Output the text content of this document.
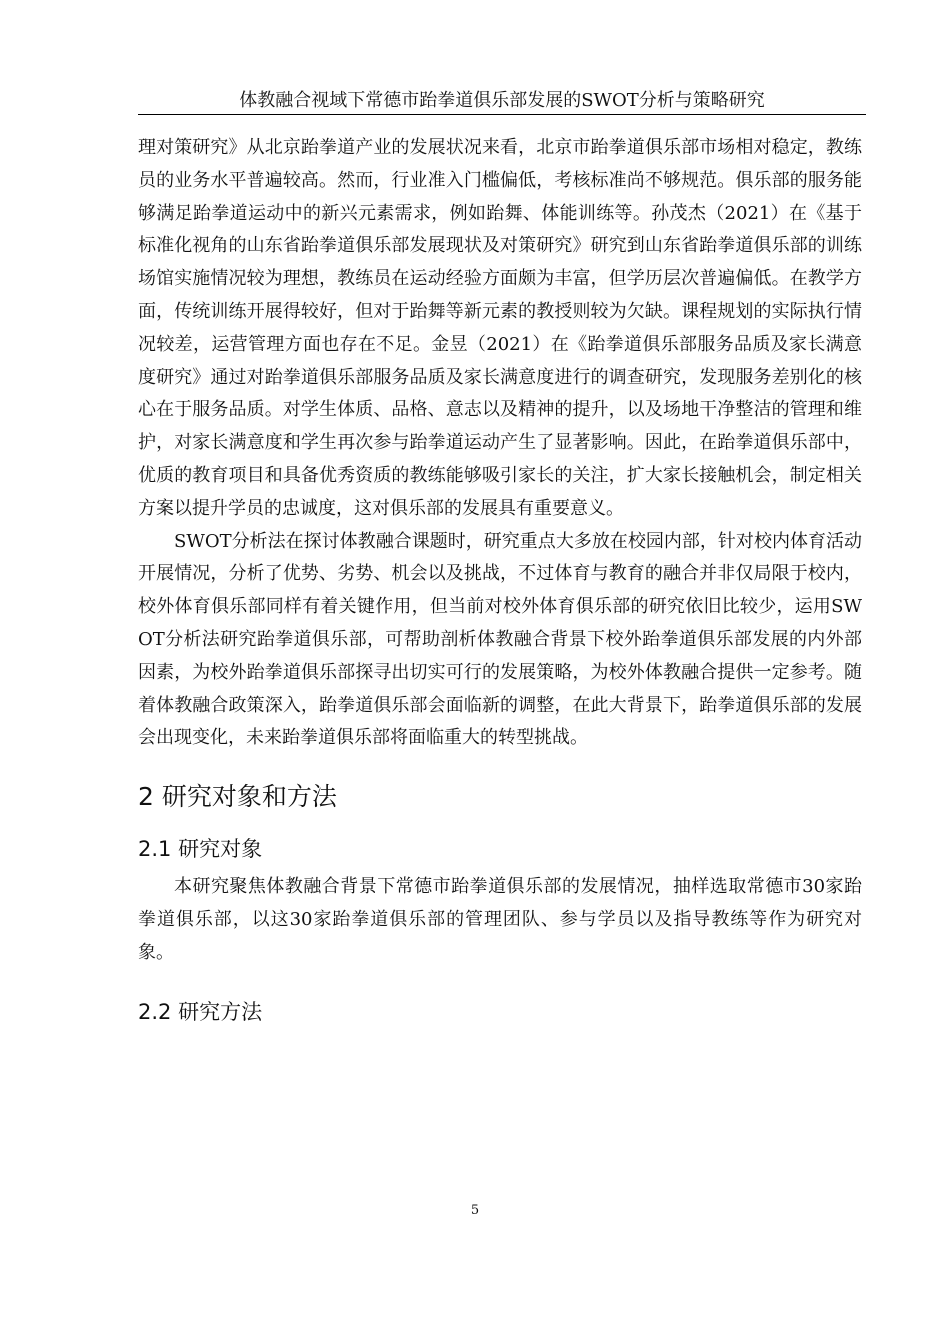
体教融合视域下常德市跆拳道俱乐部发展的SWOT分析与策略研究

理对策研究》从北京跆拳道产业的发展状况来看，北京市跆拳道俱乐部市场相对稳定，教练员的业务水平普遍较高。然而，行业准入门槛偏低，考核标准尚不够规范。俱乐部的服务能够满足跆拳道运动中的新兴元素需求，例如跆舞、体能训练等。孙茂杰（2021）在《基于标准化视角的山东省跆拳道俱乐部发展现状及对策研究》研究到山东省跆拳道俱乐部的训练场馆实施情况较为理想，教练员在运动经验方面颇为丰富，但学历层次普遍偏低。在教学方面，传统训练开展得较好，但对于跆舞等新元素的教授则较为欠缺。课程规划的实际执行情况较差，运营管理方面也存在不足。金昱（2021）在《跆拳道俱乐部服务品质及家长满意度研究》通过对跆拳道俱乐部服务品质及家长满意度进行的调查研究，发现服务差别化的核心在于服务品质。对学生体质、品格、意志以及精神的提升，以及场地干净整洁的管理和维护，对家长满意度和学生再次参与跆拳道运动产生了显著影响。因此，在跆拳道俱乐部中，优质的教育项目和具备优秀资质的教练能够吸引家长的关注，扩大家长接触机会，制定相关方案以提升学员的忠诚度，这对俱乐部的发展具有重要意义。

SWOT分析法在探讨体教融合课题时，研究重点大多放在校园内部，针对校内体育活动开展情况，分析了优势、劣势、机会以及挑战，不过体育与教育的融合并非仅局限于校内，校外体育俱乐部同样有着关键作用，但当前对校外体育俱乐部的研究依旧比较少，运用SWOT分析法研究跆拳道俱乐部，可帮助剖析体教融合背景下校外跆拳道俱乐部发展的内外部因素，为校外跆拳道俱乐部探寻出切实可行的发展策略，为校外体教融合提供一定参考。随着体教融合政策深入，跆拳道俱乐部会面临新的调整，在此大背景下，跆拳道俱乐部的发展会出现变化，未来跆拳道俱乐部将面临重大的转型挑战。

2 研究对象和方法
2.1 研究对象

本研究聚焦体教融合背景下常德市跆拳道俱乐部的发展情况，抽样选取常德市30家跆拳道俱乐部，以这30家跆拳道俱乐部的管理团队、参与学员以及指导教练等作为研究对象。

2.2 研究方法
5
